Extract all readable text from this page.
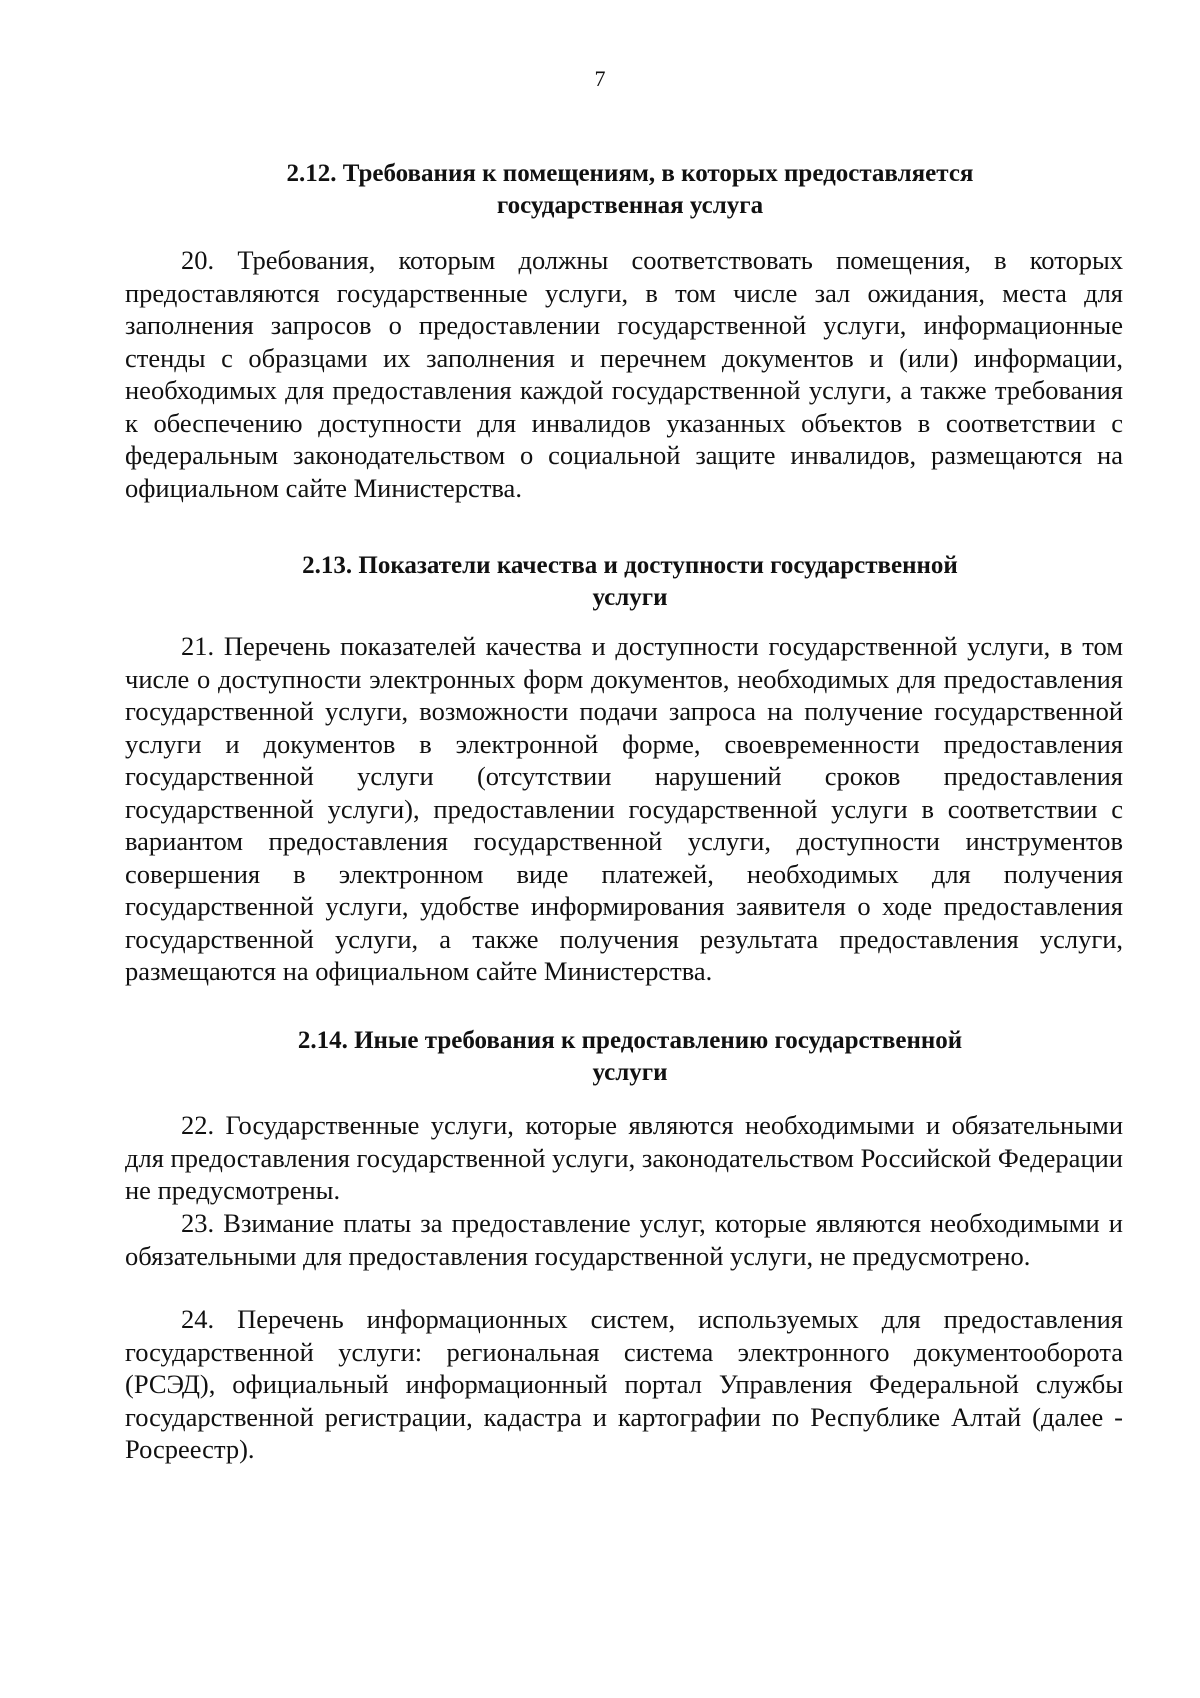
7
2.12. Требования к помещениям, в которых предоставляется
государственная услуга

20. Требования, которым должны соответствовать помещения, в которых предоставляются государственные услуги, в том числе зал ожидания, места для заполнения запросов о предоставлении государственной услуги, информационные стенды с образцами их заполнения и перечнем документов и (или) информации, необходимых для предоставления каждой государственной услуги, а также требования к обеспечению доступности для инвалидов указанных объектов в соответствии с федеральным законодательством о социальной защите инвалидов, размещаются на официальном сайте Министерства.

2.13. Показатели качества и доступности государственной
услуги

21. Перечень показателей качества и доступности государственной услуги, в том числе о доступности электронных форм документов, необходимых для предоставления государственной услуги, возможности подачи запроса на получение государственной услуги и документов в электронной форме, своевременности предоставления государственной услуги (отсутствии нарушений сроков предоставления государственной услуги), предоставлении государственной услуги в соответствии с вариантом предоставления государственной услуги, доступности инструментов совершения в электронном виде платежей, необходимых для получения государственной услуги, удобстве информирования заявителя о ходе предоставления государственной услуги, а также получения результата предоставления услуги, размещаются на официальном сайте Министерства.

2.14. Иные требования к предоставлению государственной
услуги

22. Государственные услуги, которые являются необходимыми и обязательными для предоставления государственной услуги, законодательством Российской Федерации не предусмотрены.

23. Взимание платы за предоставление услуг, которые являются необходимыми и обязательными для предоставления государственной услуги, не предусмотрено.

24. Перечень информационных систем, используемых для предоставления государственной услуги: региональная система электронного документооборота (РСЭД), официальный информационный портал Управления Федеральной службы государственной регистрации, кадастра и картографии по Республике Алтай (далее - Росреестр).
